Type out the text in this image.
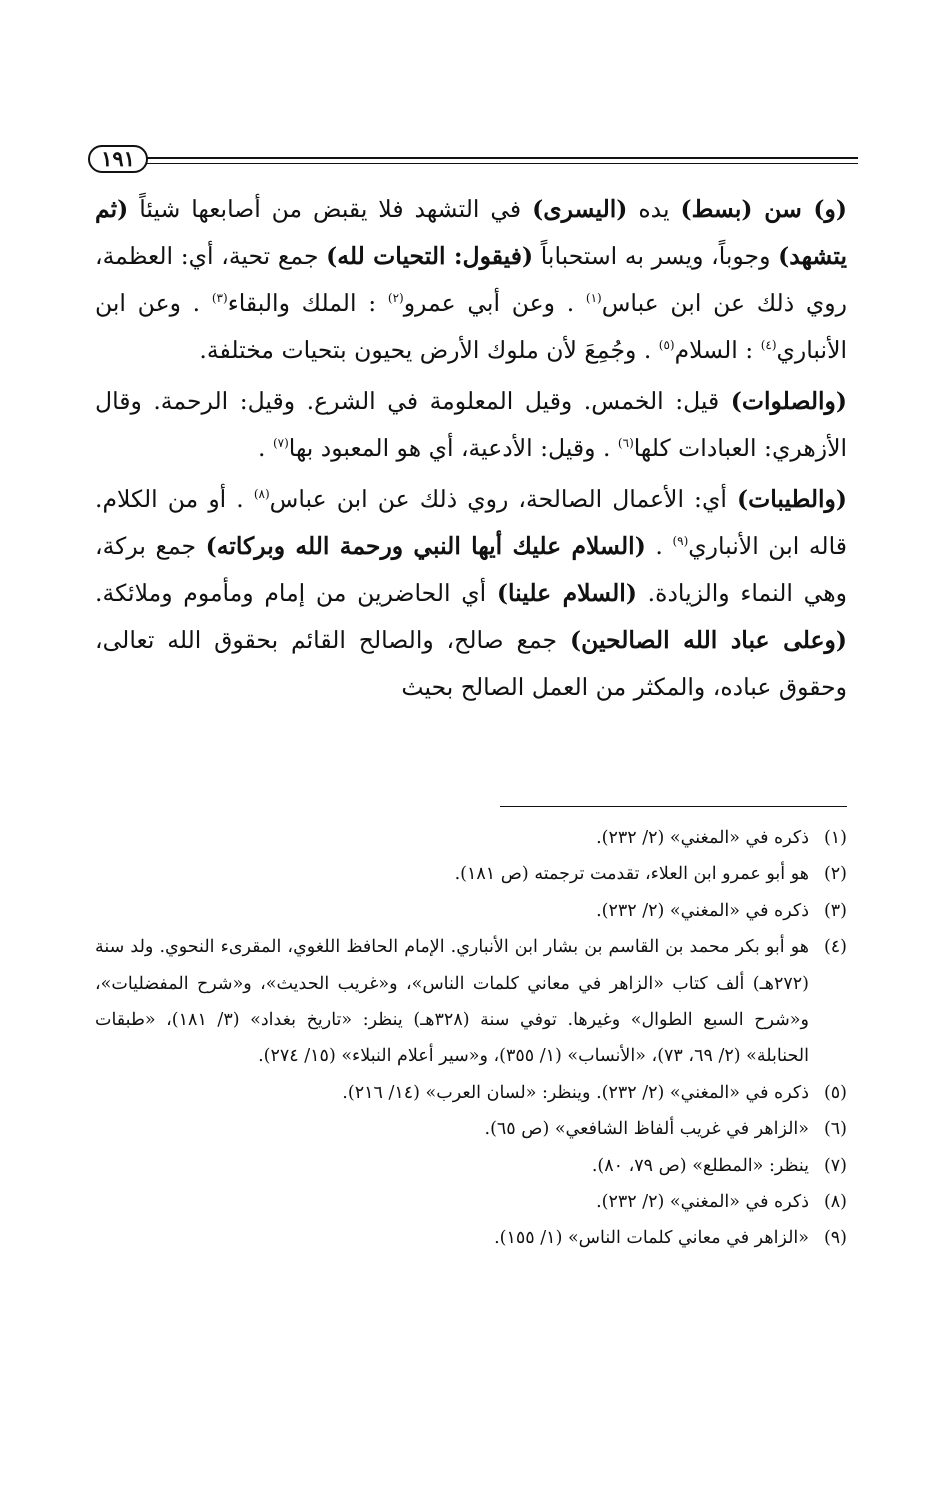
١٩١

(و) سن (بسط) يده (اليسرى) في التشهد فلا يقبض من أصابعها شيئاً (ثم يتشهد) وجوباً، ويسر به استحباباً (فيقول: التحيات لله) جمع تحية، أي: العظمة، روي ذلك عن ابن عباس$^{(١)}$ . وعن أبي عمرو$^{(٢)}$ : الملك والبقاء$^{(٣)}$ . وعن ابن الأنباري$^{(٤)}$ : السلام$^{(٥)}$ . وجُمِعَ لأن ملوك الأرض يحيون بتحيات مختلفة.

(والصلوات) قيل: الخمس. وقيل المعلومة في الشرع. وقيل: الرحمة. وقال الأزهري: العبادات كلها$^{(٦)}$ . وقيل: الأدعية، أي هو المعبود بها$^{(٧)}$ .

(والطيبات) أي: الأعمال الصالحة، روي ذلك عن ابن عباس$^{(٨)}$ . أو من الكلام. قاله ابن الأنباري$^{(٩)}$ . (السلام عليك أيها النبي ورحمة الله وبركاته) جمع بركة، وهي النماء والزيادة. (السلام علينا) أي الحاضرين من إمام ومأموم وملائكة. (وعلى عباد الله الصالحين) جمع صالح، والصالح القائم بحقوق الله تعالى، وحقوق عباده، والمكثر من العمل الصالح بحيث

(١)
ذكره في «المغني» (٢/ ٢٣٢).
(٢)
هو أبو عمرو ابن العلاء، تقدمت ترجمته (ص ١٨١).
(٣)
ذكره في «المغني» (٢/ ٢٣٢).
(٤)
هو أبو بكر محمد بن القاسم بن بشار ابن الأنباري. الإمام الحافظ اللغوي، المقرىء النحوي. ولد سنة (٢٧٢هـ) ألف كتاب «الزاهر في معاني كلمات الناس»، و«غريب الحديث»، و«شرح المفضليات»، و«شرح السبع الطوال» وغيرها. توفي سنة (٣٢٨هـ) ينظر: «تاريخ بغداد» (٣/ ١٨١)، «طبقات الحنابلة» (٢/ ٦٩، ٧٣)، «الأنساب» (١/ ٣٥٥)، و«سير أعلام النبلاء» (١٥/ ٢٧٤).
(٥)
ذكره في «المغني» (٢/ ٢٣٢). وينظر: «لسان العرب» (١٤/ ٢١٦).
(٦)
«الزاهر في غريب ألفاظ الشافعي» (ص ٦٥).
(٧)
ينظر: «المطلع» (ص ٧٩، ٨٠).
(٨)
ذكره في «المغني» (٢/ ٢٣٢).
(٩)
«الزاهر في معاني كلمات الناس» (١/ ١٥٥).
